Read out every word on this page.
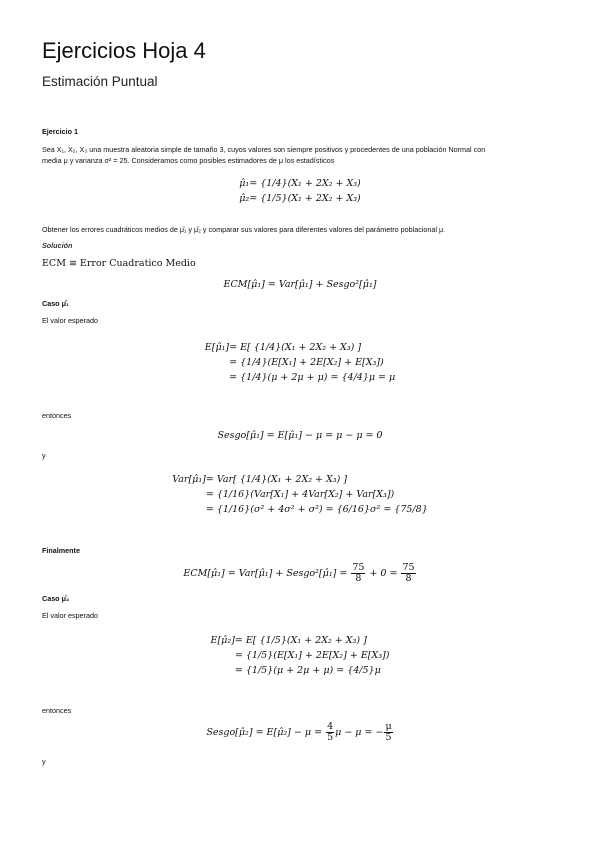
Ejercicios Hoja 4
Estimación Puntual
Ejercicio 1
Sea X₁, X₂, X₃ una muestra aleatoria simple de tamaño 3, cuyos valores son siempre positivos y procedentes de una población Normal con
media μ y varianza σ² = 25. Consideramos como posibles estimadores de μ los estadísticos
μ̂₁	= {1/4}(X₁ + 2X₂ + X₃)
μ̂₂	= {1/5}(X₁ + 2X₂ + X₃)
Obtener los errores cuadráticos medios de μ̂₁ y μ̂₂ y comparar sus valores para diferentes valores del parámetro poblacional μ.
Solución
ECM ≡ Error Cuadratico Medio
ECM[μ̂₁] = Var[μ̂₁] + Sesgo²[μ̂₁]
Caso μ̂₁
El valor esperado
E[μ̂₁]	= E[ {1/4}(X₁ + 2X₂ + X₃) ]
	= {1/4}(E[X₁] + 2E[X₂] + E[X₃])
	= {1/4}(μ + 2μ + μ) = {4/4}μ = μ
entonces
Sesgo[μ̂₁] = E[μ̂₁] − μ = μ − μ = 0
y
Var[μ̂₁]	= Var[ {1/4}(X₁ + 2X₂ + X₃) ]
	= {1/16}(Var[X₁] + 4Var[X₂] + Var[X₃])
	= {1/16}(σ² + 4σ² + σ²) = {6/16}σ² = {75/8}
Finalmente
ECM[μ̂₁] = Var[μ̂₁] + Sesgo²[μ̂₁] = $\frac{75}{8} + 0 = \frac{75}{8}$
Caso μ̂₂
El valor esperado
E[μ̂₂]	= E[ {1/5}(X₁ + 2X₂ + X₃) ]
	= {1/5}(E[X₁] + 2E[X₂] + E[X₃])
	= {1/5}(μ + 2μ + μ) = {4/5}μ
entonces
Sesgo[μ̂₂] = E[μ̂₂] − $\mu = \frac{4}{5}$ μ − μ = − $\frac{\mu}{5}$
y
